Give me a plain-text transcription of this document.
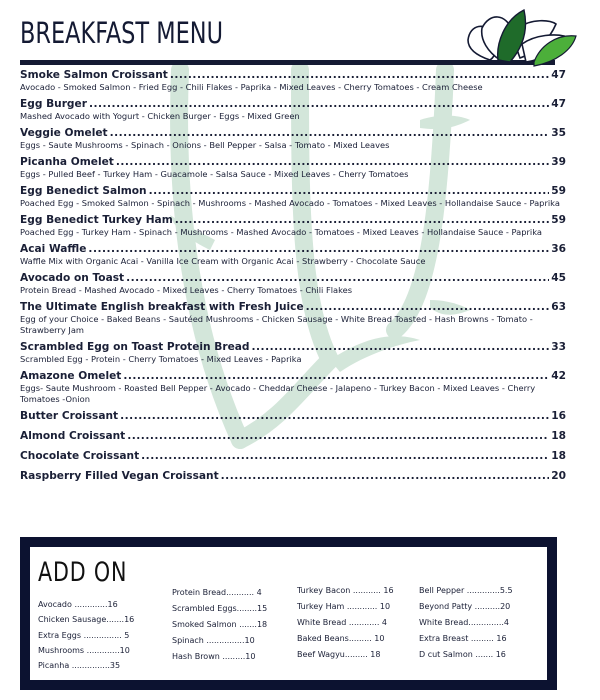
BREAKFAST MENU
Smoke Salmon Croissant .....	47
Avocado - Smoked Salmon - Fried Egg - Chili Flakes - Paprika - Mixed Leaves - Cherry Tomatoes - Cream Cheese
Egg Burger .....	47
Mashed Avocado with Yogurt - Chicken Burger - Eggs - Mixed Green
Veggie Omelet .....	35
Eggs - Saute Mushrooms - Spinach - Onions - Bell Pepper - Salsa - Tomato - Mixed Leaves
Picanha Omelet .....	39
Eggs - Pulled Beef - Turkey Ham - Guacamole - Salsa Sauce - Mixed Leaves - Cherry Tomatoes
Egg Benedict Salmon .....	59
Poached Egg - Smoked Salmon - Spinach - Mushrooms - Mashed Avocado - Tomatoes - Mixed Leaves - Hollandaise Sauce - Paprika
Egg Benedict Turkey Ham .....	59
Poached Egg - Turkey Ham - Spinach - Mushrooms - Mashed Avocado - Tomatoes - Mixed Leaves - Hollandaise Sauce - Paprika
Acai Waffle .....	36
Waffle Mix with Organic Acai - Vanilla Ice Cream with Organic Acai - Strawberry - Chocolate Sauce
Avocado on Toast .....	45
Protein Bread - Mashed Avocado - Mixed Leaves - Cherry Tomatoes - Chili Flakes
The Ultimate English breakfast with Fresh Juice .....	63
Egg of your Choice - Baked Beans - Sautéed Mushrooms - Chicken Sausage - White Bread Toasted - Hash Browns - Tomato - Strawberry Jam
Scrambled Egg on Toast Protein Bread .....	33
Scrambled Egg - Protein - Cherry Tomatoes - Mixed Leaves - Paprika
Amazone Omelet .....	42
Eggs- Saute Mushroom - Roasted Bell Pepper - Avocado - Cheddar Cheese - Jalapeno - Turkey Bacon - Mixed Leaves - Cherry Tomatoes -Onion
Butter Croissant .....	16
Almond Croissant .....	18
Chocolate Croissant .....	18
Raspberry Filled Vegan Croissant .....	20
ADD ON
Avocado .............16
Chicken Sausage.......16
Extra Eggs ............... 5
Mushrooms .............10
Picanha ...............35
Protein Bread........... 4
Scrambled Eggs........15
Smoked Salmon .......18
Spinach ...............10
Hash Brown .........10
Turkey Bacon ........... 16
Turkey Ham ............ 10
White Bread ............ 4
Baked Beans......... 10
Beef Wagyu......... 18
Bell Pepper .............5.5
Beyond Patty ..........20
White Bread..............4
Extra Breast ......... 16
D cut Salmon ....... 16
